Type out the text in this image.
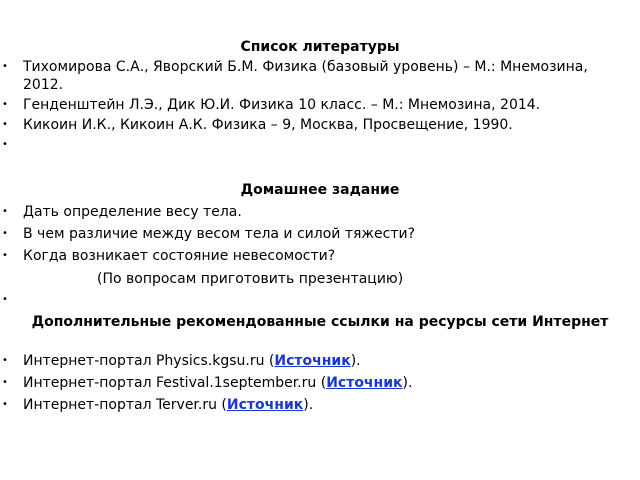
Список литературы
•	Тихомирова С.А., Яворский Б.М. Физика (базовый уровень) – М.: Мнемозина, 2012.
•	Генденштейн Л.Э., Дик Ю.И. Физика 10 класс. – М.: Мнемозина, 2014.
•	Кикоин И.К., Кикоин А.К. Физика – 9, Москва, Просвещение, 1990.
•

Домашнее задание
•	Дать определение весу тела.
•	В чем различие между весом тела и силой тяжести?
•	Когда возникает состояние невесомости?
(По вопросам приготовить презентацию)
•

Дополнительные рекомендованные ссылки на ресурсы сети Интернет
•	Интернет-портал Physics.kgsu.ru (Источник).
•	Интернет-портал Festival.1september.ru (Источник).
•	Интернет-портал Terver.ru (Источник).
